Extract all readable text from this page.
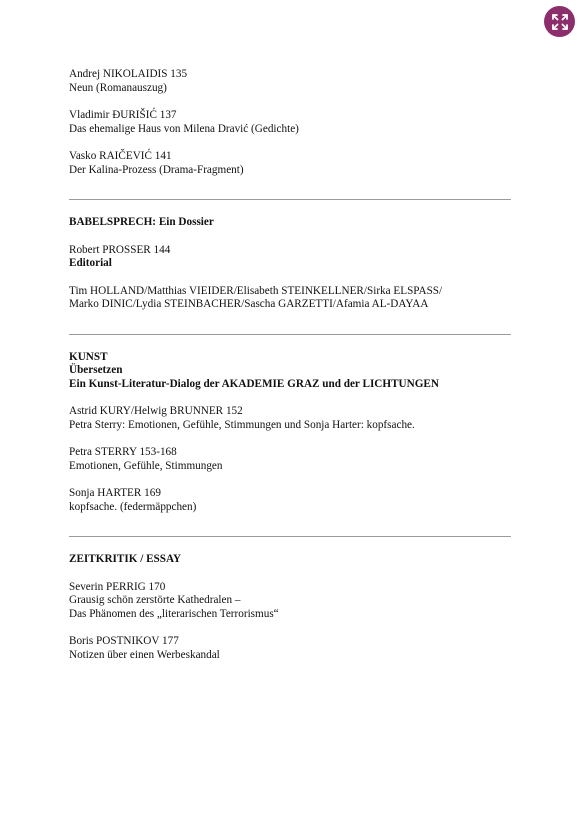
Andrej NIKOLAIDIS 135
Neun (Romanauszug)
Vladimir ĐURIŠIĆ 137
Das ehemalige Haus von Milena Dravić (Gedichte)
Vasko RAIČEVIĆ 141
Der Kalina-Prozess (Drama-Fragment)
BABELSPRECH: Ein Dossier
Robert PROSSER 144
Editorial
Tim HOLLAND/Matthias VIEIDER/Elisabeth STEINKELLNER/Sirka ELSPASS/
Marko DINIC/Lydia STEINBACHER/Sascha GARZETTI/Afamia AL-DAYAA
KUNST
Übersetzen
Ein Kunst-Literatur-Dialog der AKADEMIE GRAZ und der LICHTUNGEN
Astrid KURY/Helwig BRUNNER 152
Petra Sterry: Emotionen, Gefühle, Stimmungen und Sonja Harter: kopfsache.
Petra STERRY 153-168
Emotionen, Gefühle, Stimmungen
Sonja HARTER 169
kopfsache. (federmäppchen)
ZEITKRITIK / ESSAY
Severin PERRIG 170
Grausig schön zerstörte Kathedralen –
Das Phänomen des „literarischen Terrorismus“
Boris POSTNIKOV 177
Notizen über einen Werbeskandal
